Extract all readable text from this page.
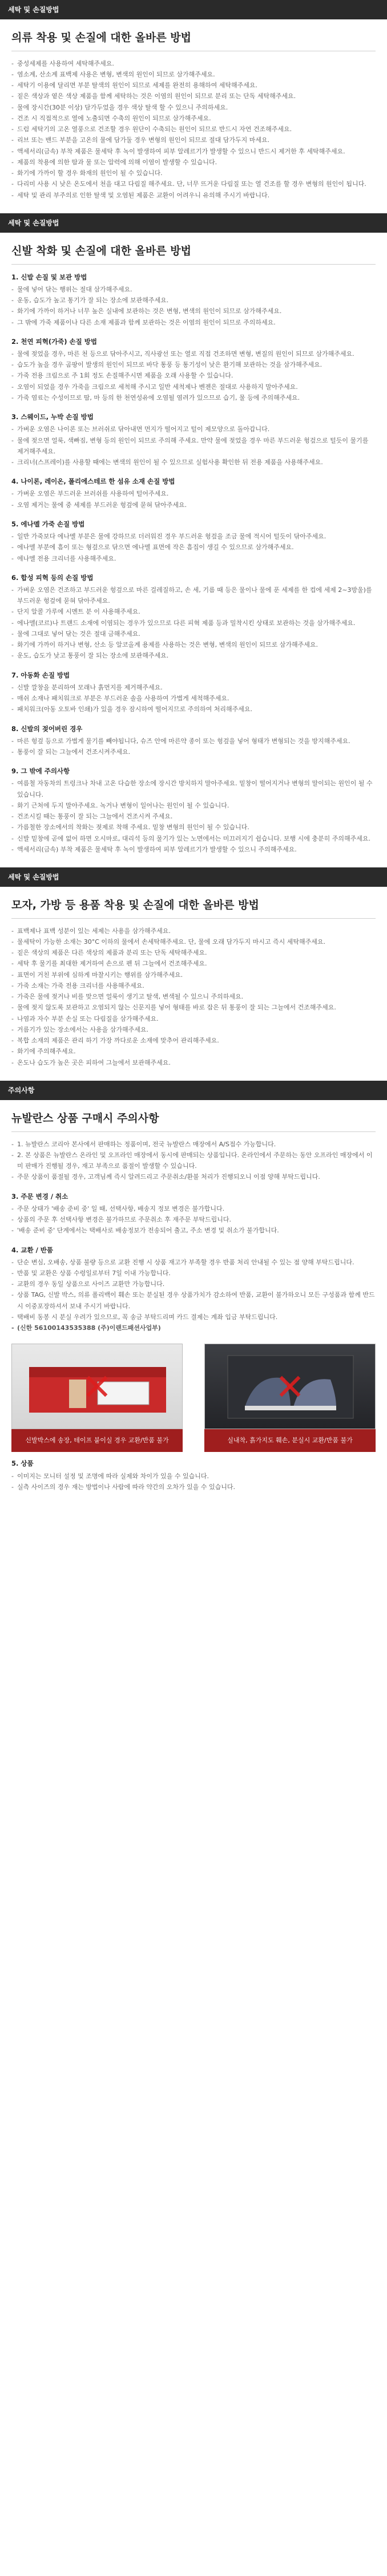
세탁 및 손질방법
의류 착용 및 손질에 대한 올바른 방법
- 중성세제를 사용하여 세탁해주세요.
- 염소계, 산소계 표백제 사용은 변형, 변색의 원인이 되므로 삼가해주세요.
- 세탁기 이용에 달리면 부분 탈색의 원인이 되므로 세제를 완전히 용해하여 세탁해주세요.
- 짙은 색상과 옅은 색상 제품을 함께 세탁하는 것은 이염의 원인이 되므로 분리 또는 단독 세탁해주세요.
- 물에 장시간(30분 이상) 담가두었을 경우 색상 탈색 할 수 있으니 주의하세요.
- 건조 시 직접적으로 열에 노출되면 수축의 원인이 되므로 삼가해주세요.
- 드럼 세탁기의 고온 열풍으로 건조할 경우 원단이 수축되는 원인이 되므로 반드시 자연 건조해주세요.
- 리브 또는 밴드 부분을 고온의 물에 담가둘 경우 변형의 원인이 되므로 절대 담가두지 마세요.
- 액세서리(금속) 부착 제품은 물세탁 후 녹이 발생하여 피부 알레르기가 발생할 수 있으니 반드시 제거한 후 세탁해주세요.
- 제품의 착용에 의한 땀과 물 또는 압력에 의해 이염이 발생할 수 있습니다.
- 화기에 가까이 할 경우 화재의 원인이 될 수 있습니다.
- 다리미 사용 시 낮은 온도에서 천을 대고 다림질 해주세요. 단, 너무 뜨거운 다림질 또는 열 건조를 할 경우 변형의 원인이 됩니다.
- 세탁 및 관리 부주의로 인한 탈색 및 오염된 제품은 교환이 어려우니 유의해 주시기 바랍니다.
세탁 및 손질방법
신발 착화 및 손질에 대한 올바른 방법
1. 신발 손질 및 보관 방법
- 물에 넣어 닦는 행위는 절대 삼가해주세요.
- 운동, 습도가 높고 통기가 잘 되는 장소에 보관해주세요.
- 화기에 가까이 하거나 너무 높은 실내에 보관하는 것은 변형, 변색의 원인이 되므로 삼가해주세요.
- 그 밖에 가죽 제품이나 다른 소재 제품과 함께 보관하는 것은 이염의 원인이 되므로 주의하세요.
2. 천연 피혁(가죽) 손질 방법
- 물에 젖었을 경우, 마른 천 등으로 닦아주시고, 직사광선 또는 열로 직접 건조하면 변형, 변질의 원인이 되므로 삼가해주세요.
- 습도가 높을 경우 곰팡이 발생의 원인이 되므로 바닥 통풍 등 통기성이 낮은 환기해 보관하는 것을 삼가해주세요.
- 가죽 전용 크림으로 주 1회 정도 손질해주시면 제품을 오래 사용할 수 있습니다.
- 오염이 되었을 경우 가죽을 크림으로 세척해 주시고 일반 세척제나 벤젠은 절대로 사용하지 말아주세요.
- 가죽 염료는 수성이므로 땀, 마 등의 한 천연성유에 오염될 염려가 있으므로 습기, 물 등에 주의해주세요.
3. 스웨이드, 누박 손질 방법
- 가벼운 오염은 나이론 또는 브러쉬로 닦아내면 먼지가 떨어지고 털이 제모양으로 돌아갑니다.
- 물에 젖으면 얼룩, 색빠짐, 변형 등의 원인이 되므로 주의해 주세요. 만약 물에 젖었을 경우 마른 부드러운 헝겊으로 털듯이 물기를 제거해주세요.
- 크리너(스프레이)를 사용할 때에는 변색의 원인이 될 수 있으므로 실험사용 확인한 뒤 전용 제품을 사용해주세요.
4. 나이론, 레이온, 폴리에스테르 한 섬유 소재 손질 방법
- 가벼운 오염은 부드러운 브러쉬를 사용하여 털어주세요.
- 오염 제거는 물에 중 세제를 부드러운 헝겊에 묻혀 닦아주세요.
5. 에나멜 가죽 손질 방법
- 일반 가죽보다 에나멜 부분은 물에 강하므로 더러워진 경우 부드러운 헝겊을 조금 물에 적시어 털듯이 닦아주세요.
- 에나멜 부분에 흠이 또는 형겊으로 닦으면 에나멜 표면에 작은 흠집이 생길 수 있으므로 삼가해주세요.
- 에나멜 전용 크리너를 사용해주세요.
6. 합성 피혁 등의 손질 방법
- 가벼운 오염은 건조하고 부드러운 헝겊으로 마른 걸레질하고, 손 세, 기름 때 등은 물이나 물에 푼 세제를 한 컵에 세제 2~3방울)를 부드러운 헝겊에 묻혀 닦아주세요.
- 단지 알콜 가루에 시멘트 분 이 사용해주세요.
- 에나멜(코르)나 트랜드 소재에 이염되는 경우가 있으므로 다른 피혁 제품 등과 밀착시킨 상태로 보관하는 것을 삼가해주세요.
- 물에 그대로 넣어 닦는 것은 절대 금해주세요.
- 화기에 가까이 하거나 변형, 산소 등 알코올계 용제를 사용하는 것은 변형, 변색의 원인이 되므로 삼가해주세요.
- 운도, 습도가 낮고 통풍이 잘 되는 장소에 보관해주세요.
7. 아동화 손질 방법
- 신발 깔창을 분리하여 모래나 흙먼지를 제거해주세요.
- 매쉬 소재나 패치워크로 부분은 부드러운 솔을 사용하여 가볍게 세척해주세요.
- 패치워크(아동 오토바 인쇄)가 있을 경우 잠시하여 떨어지므로 주의하여 처리해주세요.
8. 신발의 젖어버린 경우
- 마른 헝겊 등으로 가볍게 물기를 빼야됩니다, 슈즈 안에 마른약 종이 또는 헝겊을 넣어 형태가 변형되는 것을 방지해주세요.
- 통풍이 잘 되는 그늘에서 건조시켜주세요.
9. 그 밖에 주의사항
- 여름철 자동차의 트렁크나 차내 고온 다습한 장소에 장시간 방치하지 말아주세요. 밑창이 떨어지거나 변형의 말이되는 원인이 될 수 있습니다.
- 화기 근처에 두지 말아주세요. 녹거나 변형이 일어나는 원인이 될 수 있습니다.
- 건조시킬 때는 통풍이 잘 되는 그늘에서 건조시켜 주세요.
- 가름철한 장소에서의 착화는 젖제로 착해 주세요. 밑창 변형의 원인이 될 수 있습니다.
- 신발 밑창에 곧에 없어 하면 오시마로, 대리석 등의 물기가 있는 노면에서는 미끄러지기 쉽습니다. 보행 시에 충분히 주의해주세요.
- 액세서리(금속) 부착 제품은 물세탁 후 녹이 발생하여 피부 알레르기가 발생할 수 있으니 주의해주세요.
세탁 및 손질방법
모자, 가방 등 용품 착용 및 손질에 대한 올바른 방법
- 표백제나 표백 성분이 있는 세제는 사용을 삼가해주세요.
- 물세탁이 가능한 소재는 30°C 이하의 물에서 손세탁해주세요. 단, 물에 오래 담가두지 마시고 즉시 세탁해주세요.
- 짙은 색상의 제품은 다른 색상의 제품과 분리 또는 단독 세탁해주세요.
- 세탁 후 물기를 최대한 제거하여 손으로 펜 뒤 그늘에서 건조해주세요.
- 표면이 거친 부위에 심하게 마찰시키는 행위를 삼가해주세요.
- 가죽 소재는 가죽 전용 크리너를 사용해주세요.
- 가죽은 물에 젖거나 비를 맞으면 얼룩이 생기고 탈색, 변색될 수 있으니 주의하세요.
- 물에 젖지 않도록 보관하고 오염되지 않는 신문지를 넣어 형태를 바로 잡은 뒤 통풍이 잘 되는 그늘에서 건조해주세요.
- 나염과 자수 부분 손실 또는 다림질을 삼가해주세요.
- 거름기가 있는 장소에서는 사용을 삼가해주세요.
- 복합 소재의 제품은 관리 하기 가장 까다로운 소재에 맞추어 관리해주세요.
- 화기에 주의해주세요.
- 온도나 습도가 높은 곳은 피하여 그늘에서 보관해주세요.
주의사항
뉴발란스 상품 구매시 주의사항
- 1. 뉴발란스 코리아 본사에서 판매하는 정품이며, 전국 뉴발란스 매장에서 A/S접수 가능합니다.
- 2. 본 상품은 뉴발란스 온라인 및 오프라인 매장에서 동시에 판매되는 상품입니다. 온라인에서 주문하는 동안 오프라인 매장에서 이미 판매가 진행될 경우, 재고 부족으로 품절이 발생할 수 있습니다.
- 주문 상품이 품절될 경우, 고객님께 즉시 알려드리고 주문취소/환불 처리가 진행되오니 이점 양해 부탁드립니다.
3. 주문 변경 / 취소
- 주문 상태가 '배송 준비 중' 일 때, 선택사항, 배송지 정보 변경은 불가합니다.
- 상품의 주문 후 선택사항 변경은 불가하므로 주문취소 후 재주문 부탁드립니다.
- '배송 준비 중' 단계에서는 택배사로 배송정보가 전송되어 출고, 주소 변경 및 취소가 불가합니다.
4. 교환 / 반품
- 단순 변심, 오배송, 상품 불량 등으로 교환 진행 시 상품 재고가 부족할 경우 반품 처리 안내될 수 있는 점 양해 부탁드립니다.
- 반품 및 교환은 상품 수령일로부터 7일 이내 가능합니다.
- 교환의 경우 동일 상품으로 사이즈 교환만 가능합니다.
- 상품 TAG, 신발 박스, 의류 폴리백이 훼손 또는 분실된 경우 상품가치가 감소하여 반품, 교환이 불가하오니 모든 구성품과 함께 반드시 이중포장하셔서 보내 주시기 바랍니다.
- 택배비 동봉 시 분실 우려가 있으므로, 꼭 송금 부탁드리며 카드 결제는 계좌 입금 부탁드립니다.
- (신한 56100143535388 (주)이랜드패션사업부)
신발박스에 송장, 테이프 붙이실 경우 교환/반품 불가	실내착, 흙가지도 훼손, 분실시 교환/반품 불가
5. 상품
- 이미지는 모니터 설정 및 조명에 따라 실제와 차이가 있을 수 있습니다.
- 실측 사이즈의 경우 재는 방법이나 사람에 따라 약간의 오차가 있을 수 있습니다.
